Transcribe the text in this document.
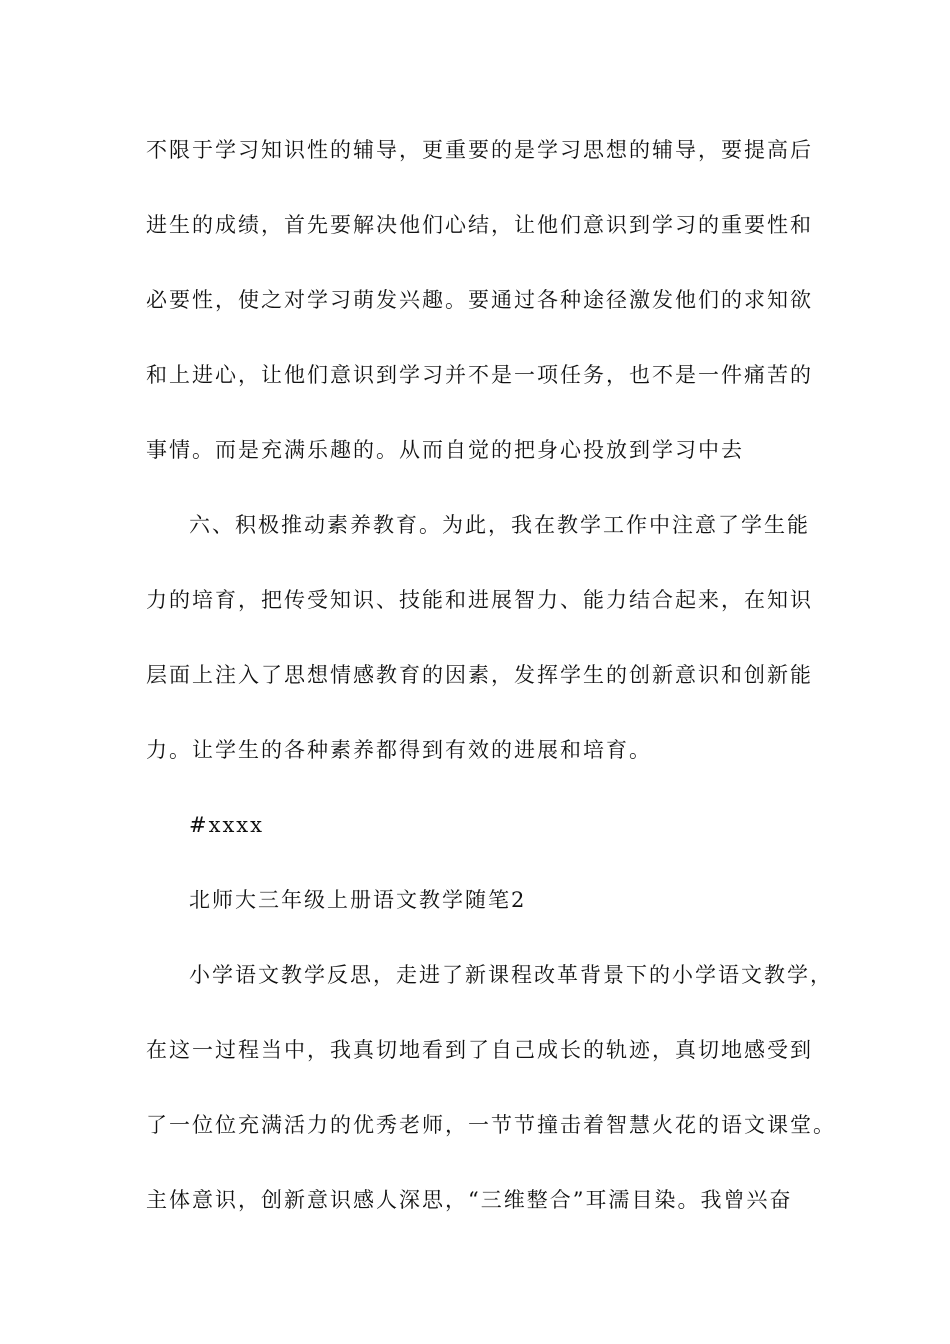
不限于学习知识性的辅导，更重要的是学习思想的辅导，要提高后
进生的成绩，首先要解决他们心结，让他们意识到学习的重要性和
必要性，使之对学习萌发兴趣。要通过各种途径激发他们的求知欲
和上进心，让他们意识到学习并不是一项任务，也不是一件痛苦的
事情。而是充满乐趣的。从而自觉的把身心投放到学习中去
六、积极推动素养教育。为此，我在教学工作中注意了学生能
力的培育，把传受知识、技能和进展智力、能力结合起来，在知识
层面上注入了思想情感教育的因素，发挥学生的创新意识和创新能
力。让学生的各种素养都得到有效的进展和培育。
#xxxx
北师大三年级上册语文教学随笔2
小学语文教学反思，走进了新课程改革背景下的小学语文教学，
在这一过程当中，我真切地看到了自己成长的轨迹，真切地感受到
了一位位充满活力的优秀老师，一节节撞击着智慧火花的语文课堂。
主体意识，创新意识感人深思，“三维整合”耳濡目染。我曾兴奋
